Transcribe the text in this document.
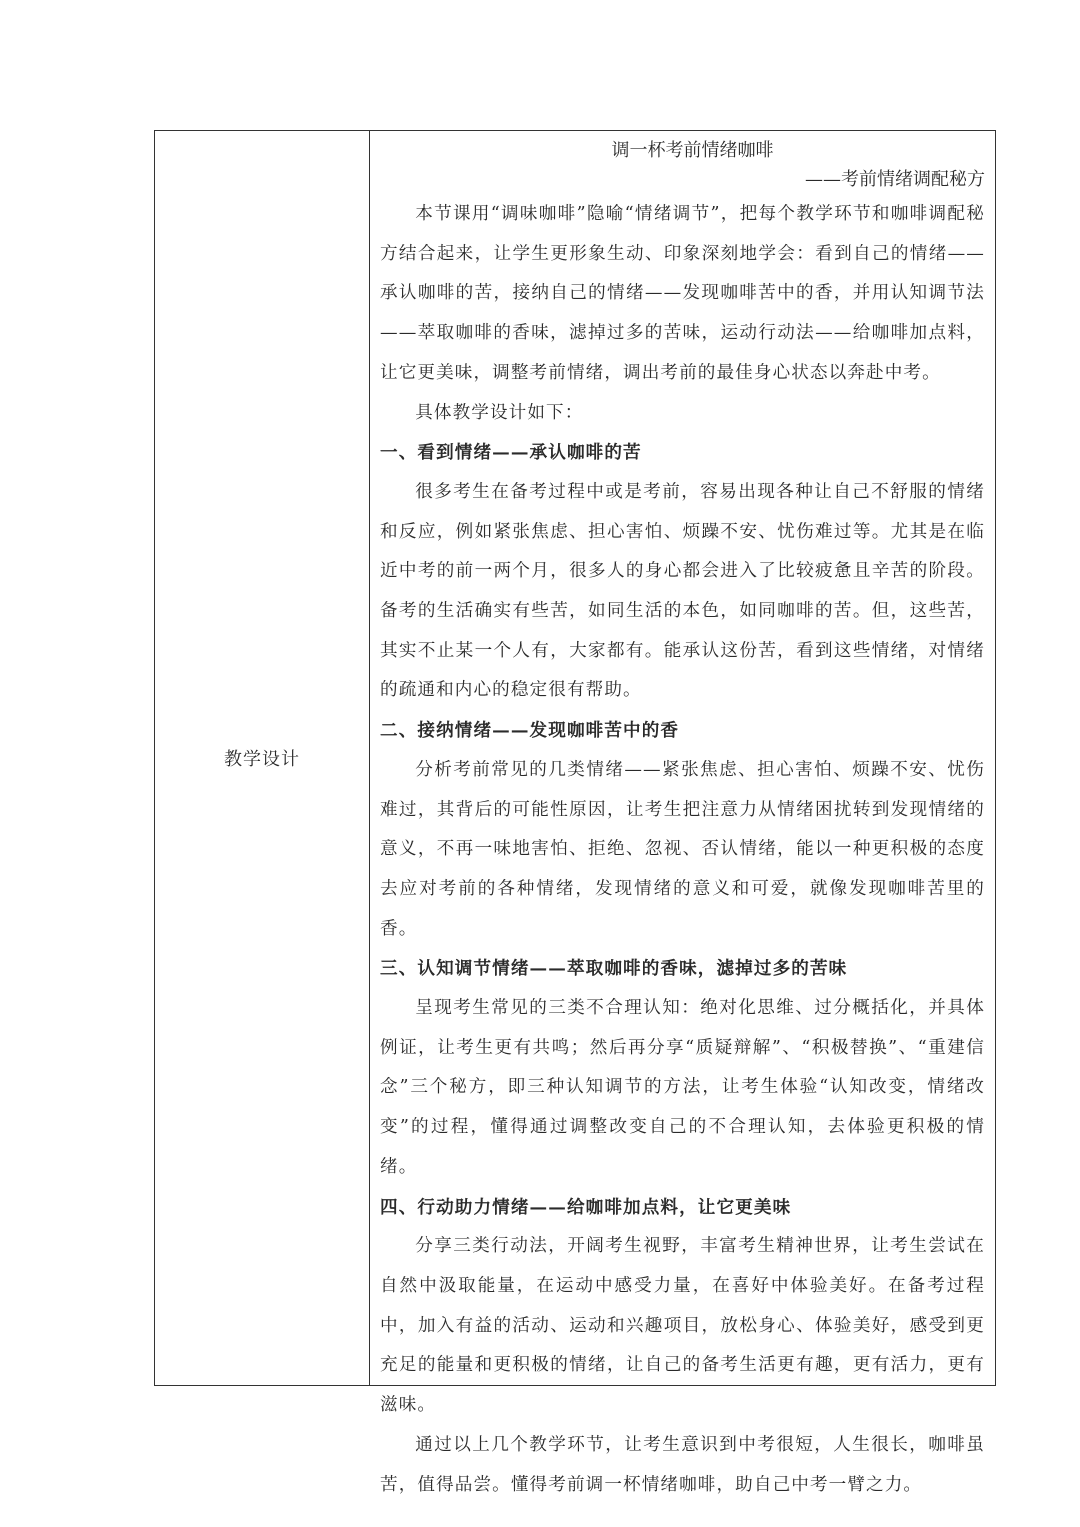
教学设计
调一杯考前情绪咖啡
——考前情绪调配秘方

本节课用“调味咖啡”隐喻“情绪调节”，把每个教学环节和咖啡调配秘方结合起来，让学生更形象生动、印象深刻地学会：看到自己的情绪——承认咖啡的苦，接纳自己的情绪——发现咖啡苦中的香，并用认知调节法——萃取咖啡的香味，滤掉过多的苦味，运动行动法——给咖啡加点料，让它更美味，调整考前情绪，调出考前的最佳身心状态以奔赴中考。

具体教学设计如下：

一、看到情绪——承认咖啡的苦

很多考生在备考过程中或是考前，容易出现各种让自己不舒服的情绪和反应，例如紧张焦虑、担心害怕、烦躁不安、忧伤难过等。尤其是在临近中考的前一两个月，很多人的身心都会进入了比较疲惫且辛苦的阶段。备考的生活确实有些苦，如同生活的本色，如同咖啡的苦。但，这些苦，其实不止某一个人有，大家都有。能承认这份苦，看到这些情绪，对情绪的疏通和内心的稳定很有帮助。

二、接纳情绪——发现咖啡苦中的香

分析考前常见的几类情绪——紧张焦虑、担心害怕、烦躁不安、忧伤难过，其背后的可能性原因，让考生把注意力从情绪困扰转到发现情绪的意义，不再一味地害怕、拒绝、忽视、否认情绪，能以一种更积极的态度去应对考前的各种情绪，发现情绪的意义和可爱，就像发现咖啡苦里的香。

三、认知调节情绪——萃取咖啡的香味，滤掉过多的苦味

呈现考生常见的三类不合理认知：绝对化思维、过分概括化，并具体例证，让考生更有共鸣；然后再分享“质疑辩解”、“积极替换”、“重建信念”三个秘方，即三种认知调节的方法，让考生体验“认知改变，情绪改变”的过程，懂得通过调整改变自己的不合理认知，去体验更积极的情绪。

四、行动助力情绪——给咖啡加点料，让它更美味

分享三类行动法，开阔考生视野，丰富考生精神世界，让考生尝试在自然中汲取能量，在运动中感受力量，在喜好中体验美好。在备考过程中，加入有益的活动、运动和兴趣项目，放松身心、体验美好，感受到更充足的能量和更积极的情绪，让自己的备考生活更有趣，更有活力，更有滋味。

通过以上几个教学环节，让考生意识到中考很短，人生很长，咖啡虽苦，值得品尝。懂得考前调一杯情绪咖啡，助自己中考一臂之力。
